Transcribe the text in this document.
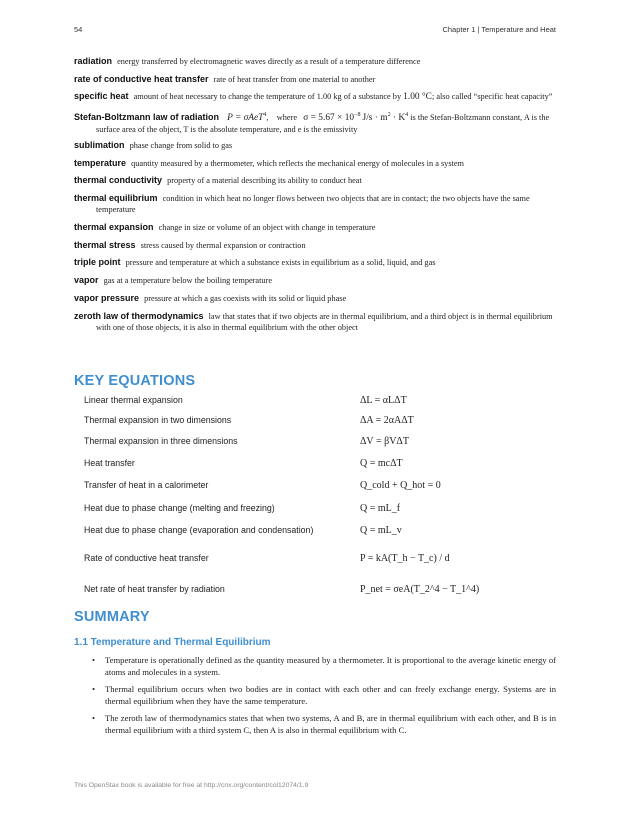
54	Chapter 1 | Temperature and Heat
radiation energy transferred by electromagnetic waves directly as a result of a temperature difference
rate of conductive heat transfer rate of heat transfer from one material to another
specific heat amount of heat necessary to change the temperature of 1.00 kg of a substance by 1.00 °C; also called “specific heat capacity”
Stefan-Boltzmann law of radiation P = σAeT$^4$,    where $\sigma = 5.67 \times 10^{-8}$ $J/s \cdot m^2 \cdot K^4$ is the Stefan-Boltzmann constant, A is the surface area of the object, T is the absolute temperature, and e is the emissivity
sublimation phase change from solid to gas
temperature quantity measured by a thermometer, which reflects the mechanical energy of molecules in a system
thermal conductivity property of a material describing its ability to conduct heat
thermal equilibrium condition in which heat no longer flows between two objects that are in contact; the two objects have the same temperature
thermal expansion change in size or volume of an object with change in temperature
thermal stress stress caused by thermal expansion or contraction
triple point pressure and temperature at which a substance exists in equilibrium as a solid, liquid, and gas
vapor gas at a temperature below the boiling temperature
vapor pressure pressure at which a gas coexists with its solid or liquid phase
zeroth law of thermodynamics law that states that if two objects are in thermal equilibrium, and a third object is in thermal equilibrium with one of those objects, it is also in thermal equilibrium with the other object
KEY EQUATIONS
Linear thermal expansion	ΔL = αLΔT
Thermal expansion in two dimensions	ΔA = 2αAΔT
Thermal expansion in three dimensions	ΔV = βVΔT
Heat transfer	Q = mcΔT
Transfer of heat in a calorimeter	Q_cold + Q_hot = 0
Heat due to phase change (melting and freezing)	Q = mL_f
Heat due to phase change (evaporation and condensation)	Q = mL_v
Rate of conductive heat transfer	P = kA(T_h − T_c) / d
Net rate of heat transfer by radiation	P_net = σeA(T_2^4 − T_1^4)
SUMMARY
1.1 Temperature and Thermal Equilibrium
• Temperature is operationally defined as the quantity measured by a thermometer. It is proportional to the average kinetic energy of atoms and molecules in a system.
• Thermal equilibrium occurs when two bodies are in contact with each other and can freely exchange energy. Systems are in thermal equilibrium when they have the same temperature.
• The zeroth law of thermodynamics states that when two systems, A and B, are in thermal equilibrium with each other, and B is in thermal equilibrium with a third system C, then A is also in thermal equilibrium with C.
This OpenStax book is available for free at http://cnx.org/content/col12074/1.9
